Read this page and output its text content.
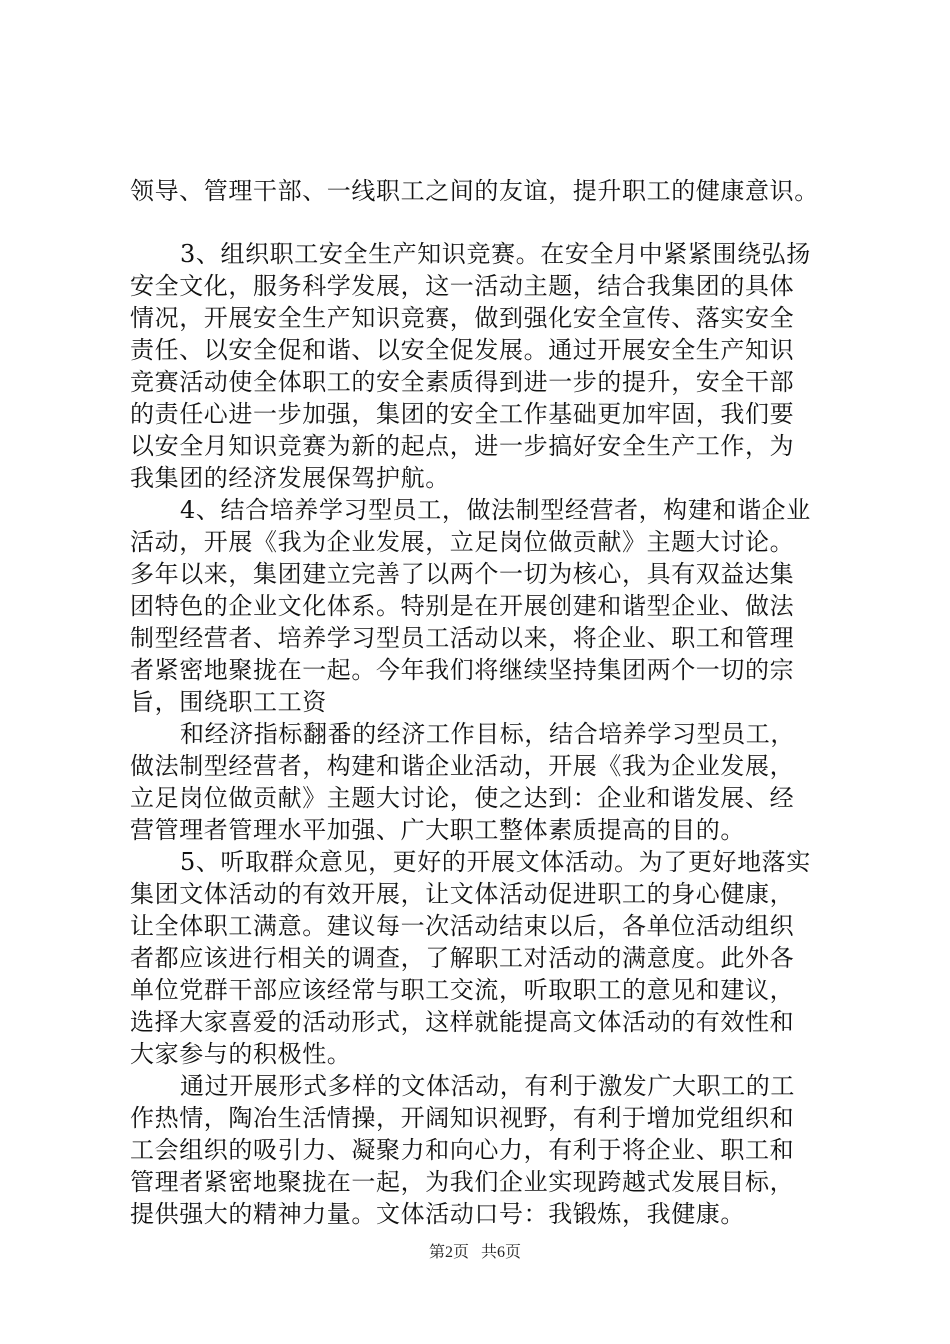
领导、管理干部、一线职工之间的友谊，提升职工的健康意识。
3、组织职工安全生产知识竞赛。在安全月中紧紧围绕弘扬
安全文化，服务科学发展，这一活动主题，结合我集团的具体
情况，开展安全生产知识竞赛，做到强化安全宣传、落实安全
责任、以安全促和谐、以安全促发展。通过开展安全生产知识
竞赛活动使全体职工的安全素质得到进一步的提升，安全干部
的责任心进一步加强，集团的安全工作基础更加牢固，我们要
以安全月知识竞赛为新的起点，进一步搞好安全生产工作，为
我集团的经济发展保驾护航。
4、结合培养学习型员工，做法制型经营者，构建和谐企业
活动，开展《我为企业发展，立足岗位做贡献》主题大讨论。
多年以来，集团建立完善了以两个一切为核心，具有双益达集
团特色的企业文化体系。特别是在开展创建和谐型企业、做法
制型经营者、培养学习型员工活动以来，将企业、职工和管理
者紧密地聚拢在一起。今年我们将继续坚持集团两个一切的宗
旨，围绕职工工资
和经济指标翻番的经济工作目标，结合培养学习型员工，
做法制型经营者，构建和谐企业活动，开展《我为企业发展，
立足岗位做贡献》主题大讨论，使之达到：企业和谐发展、经
营管理者管理水平加强、广大职工整体素质提高的目的。
5、听取群众意见，更好的开展文体活动。为了更好地落实
集团文体活动的有效开展，让文体活动促进职工的身心健康，
让全体职工满意。建议每一次活动结束以后，各单位活动组织
者都应该进行相关的调查，了解职工对活动的满意度。此外各
单位党群干部应该经常与职工交流，听取职工的意见和建议，
选择大家喜爱的活动形式，这样就能提高文体活动的有效性和
大家参与的积极性。
通过开展形式多样的文体活动，有利于激发广大职工的工
作热情，陶冶生活情操，开阔知识视野，有利于增加党组织和
工会组织的吸引力、凝聚力和向心力，有利于将企业、职工和
管理者紧密地聚拢在一起，为我们企业实现跨越式发展目标，
提供强大的精神力量。文体活动口号：我锻炼，我健康。
第2页 共6页
